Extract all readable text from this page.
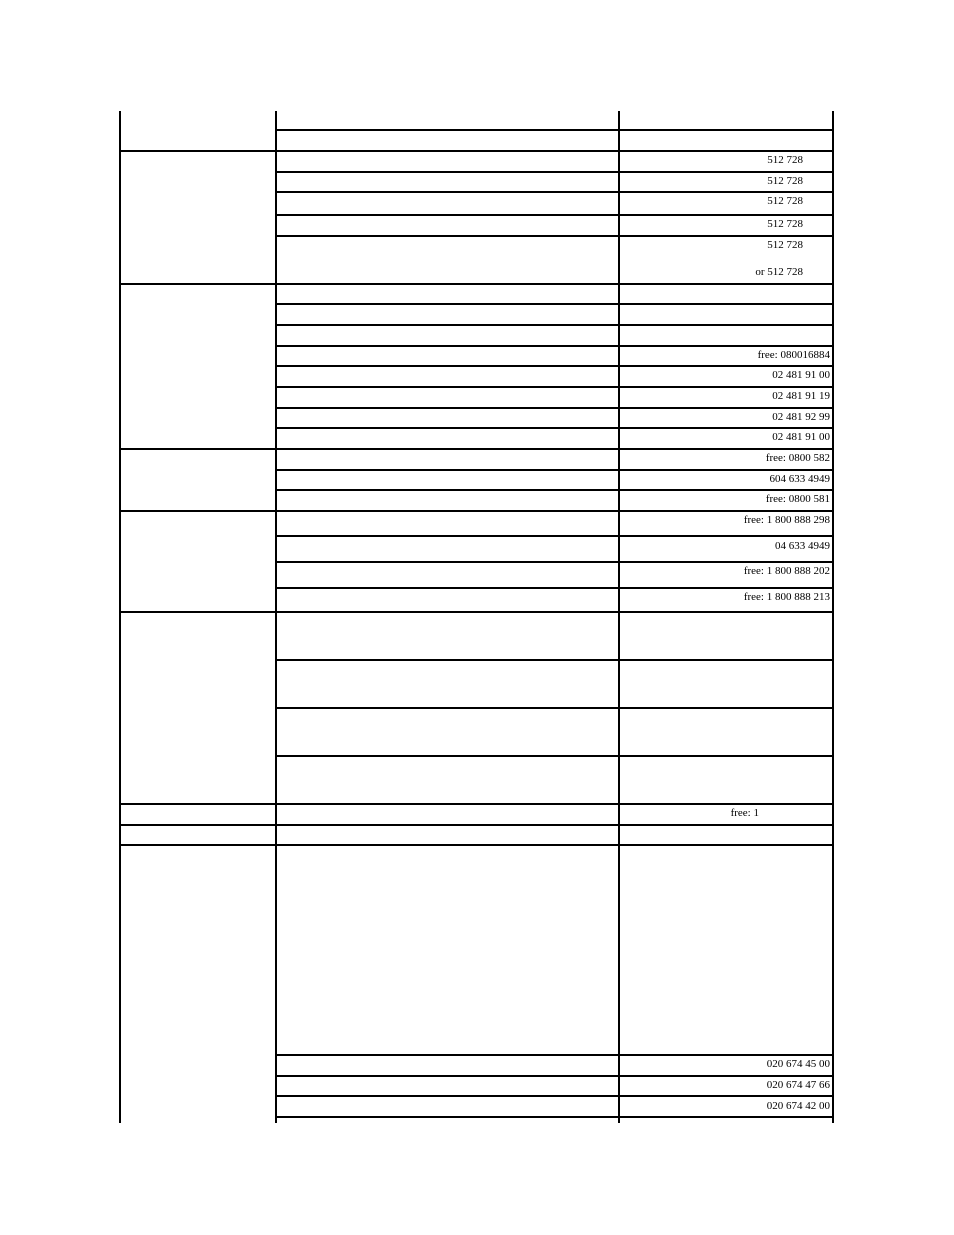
512 728
512 728
512 728
512 728
512 728
or 512 728
free: 080016884
02 481 91 00
02 481 91 19
02 481 92 99
02 481 91 00
free: 0800 582
604 633 4949
free: 0800 581
free: 1 800 888 298
04 633 4949
free: 1 800 888 202
free: 1 800 888 213
free: 1
020 674 45 00
020 674 47 66
020 674 42 00
